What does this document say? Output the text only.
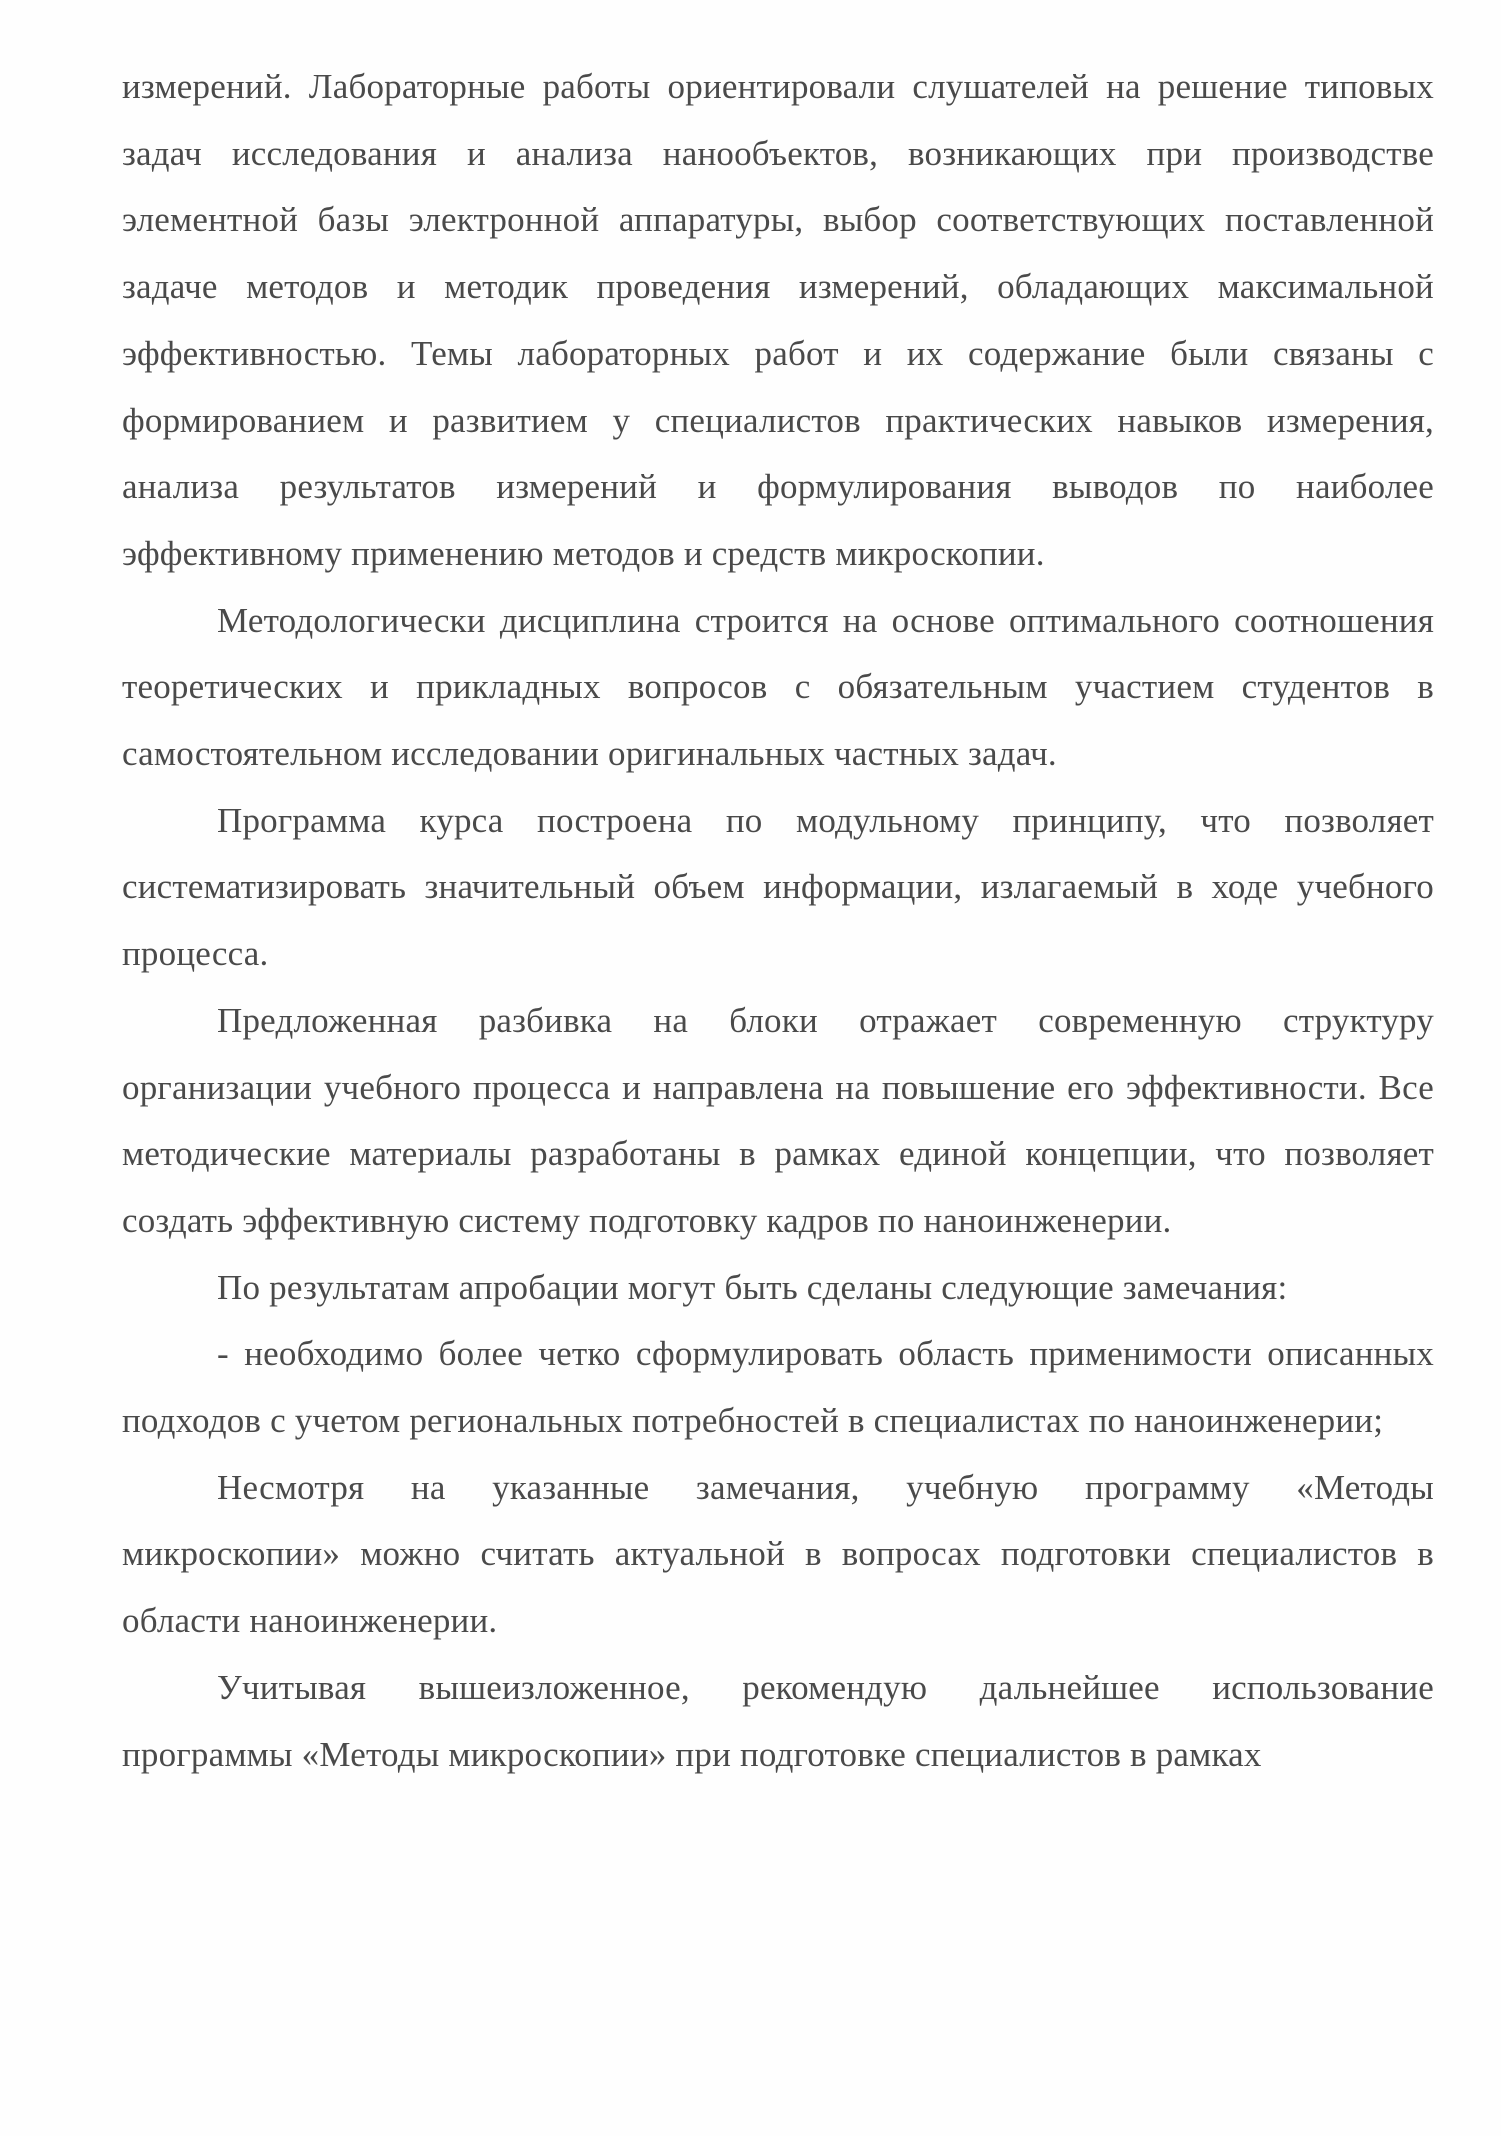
измерений. Лабораторные работы ориентировали слушателей на решение типовых задач исследования и анализа нанообъектов, возникающих при производстве элементной базы электронной аппаратуры, выбор соответствующих поставленной задаче методов и методик проведения измерений, обладающих максимальной эффективностью. Темы лабораторных работ и их содержание были связаны с формированием и развитием у специалистов практических навыков измерения, анализа результатов измерений и формулирования выводов по наиболее эффективному применению методов и средств микроскопии.

Методологически дисциплина строится на основе оптимального соотношения теоретических и прикладных вопросов с обязательным участием студентов в самостоятельном исследовании оригинальных частных задач.

Программа курса построена по модульному принципу, что позволяет систематизировать значительный объем информации, излагаемый в ходе учебного процесса.

Предложенная разбивка на блоки отражает современную структуру организации учебного процесса и направлена на повышение его эффективности. Все методические материалы разработаны в рамках единой концепции, что позволяет создать эффективную систему подготовку кадров по наноинженерии.

По результатам апробации могут быть сделаны следующие замечания:

- необходимо более четко сформулировать область применимости описанных подходов с учетом региональных потребностей в специалистах по наноинженерии;

Несмотря на указанные замечания, учебную программу «Методы микроскопии» можно считать актуальной в вопросах подготовки специалистов в области наноинженерии.

Учитывая вышеизложенное, рекомендую дальнейшее использование программы «Методы микроскопии» при подготовке специалистов в рамках
